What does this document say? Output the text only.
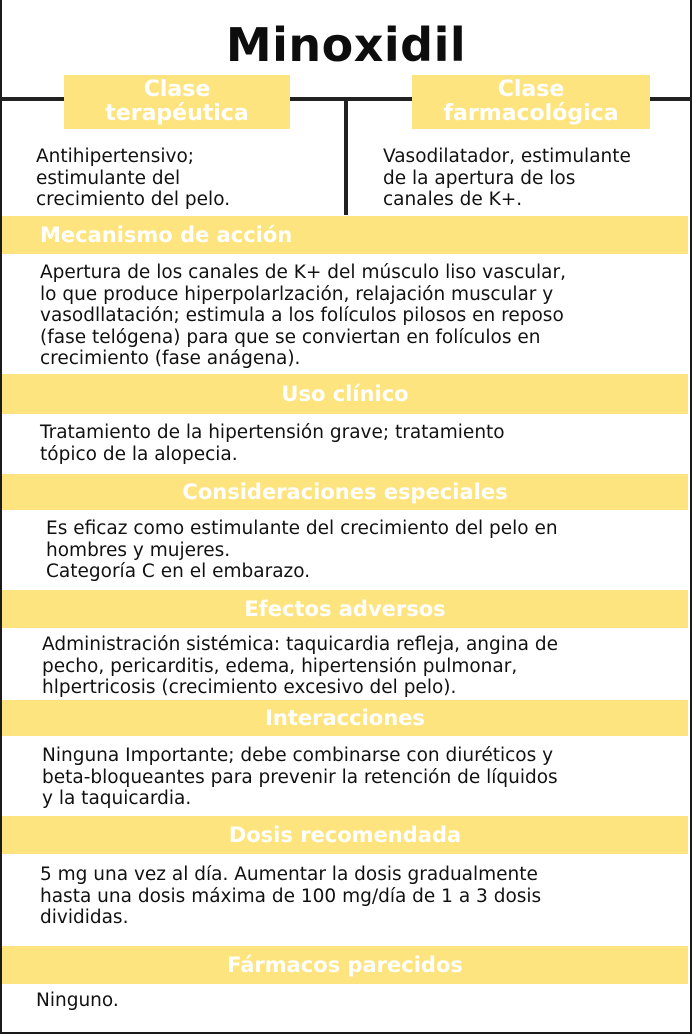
Minoxidil
Clase
terapéutica

Antihipertensivo;
estimulante del
crecimiento del pelo.

Clase
farmacológica

Vasodilatador, estimulante
de la apertura de los
canales de K+.

Mecanismo de acción

Apertura de los canales de K+ del músculo liso vascular,
lo que produce hiperpolarlzación, relajación muscular y
vasodllatación; estimula a los folículos pilosos en reposo
(fase telógena) para que se conviertan en folículos en
crecimiento (fase anágena).

Uso clínico

Tratamiento de la hipertensión grave; tratamiento
tópico de la alopecia.

Consideraciones especiales

Es eficaz como estimulante del crecimiento del pelo en
hombres y mujeres.
Categoría C en el embarazo.

Efectos adversos

Administración sistémica: taquicardia refleja, angina de
pecho, pericarditis, edema, hipertensión pulmonar,
hlpertricosis (crecimiento excesivo del pelo).

Interacciones

Ninguna Importante; debe combinarse con diuréticos y
beta-bloqueantes para prevenir la retención de líquidos
y la taquicardia.

Dosis recomendada

5 mg una vez al día. Aumentar la dosis gradualmente
hasta una dosis máxima de 100 mg/día de 1 a 3 dosis
divididas.

Fármacos parecidos

Ninguno.
